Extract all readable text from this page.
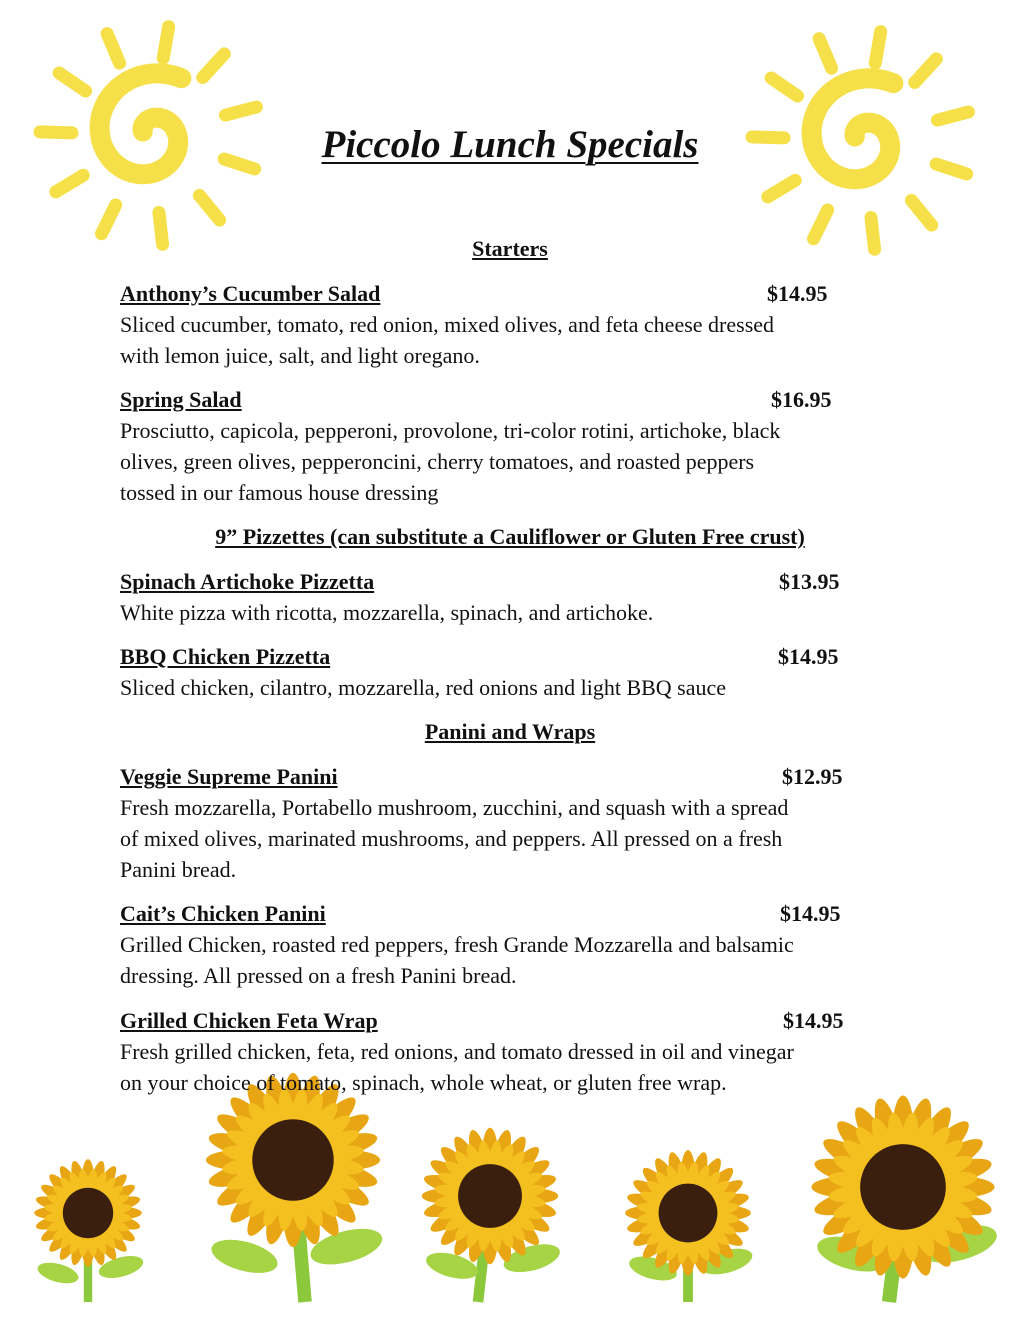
Piccolo Lunch Specials
Starters
9” Pizzettes (can substitute a Cauliflower or Gluten Free crust)
Panini and Wraps
Anthony’s Cucumber Salad	$14.95
Sliced cucumber, tomato, red onion, mixed olives, and feta cheese dressed
with lemon juice, salt, and light oregano.
Spring Salad	$16.95
Prosciutto, capicola, pepperoni, provolone, tri-color rotini, artichoke, black
olives, green olives, pepperoncini, cherry tomatoes, and roasted peppers
tossed in our famous house dressing
Spinach Artichoke Pizzetta	$13.95
White pizza with ricotta, mozzarella, spinach, and artichoke.
BBQ Chicken Pizzetta	$14.95
Sliced chicken, cilantro, mozzarella, red onions and light BBQ sauce
Veggie Supreme Panini	$12.95
Fresh mozzarella, Portabello mushroom, zucchini, and squash with a spread
of mixed olives, marinated mushrooms, and peppers. All pressed on a fresh
Panini bread.
Cait’s Chicken Panini	$14.95
Grilled Chicken, roasted red peppers, fresh Grande Mozzarella and balsamic
dressing. All pressed on a fresh Panini bread.
Grilled Chicken Feta Wrap	$14.95
Fresh grilled chicken, feta, red onions, and tomato dressed in oil and vinegar
on your choice of tomato, spinach, whole wheat, or gluten free wrap.
